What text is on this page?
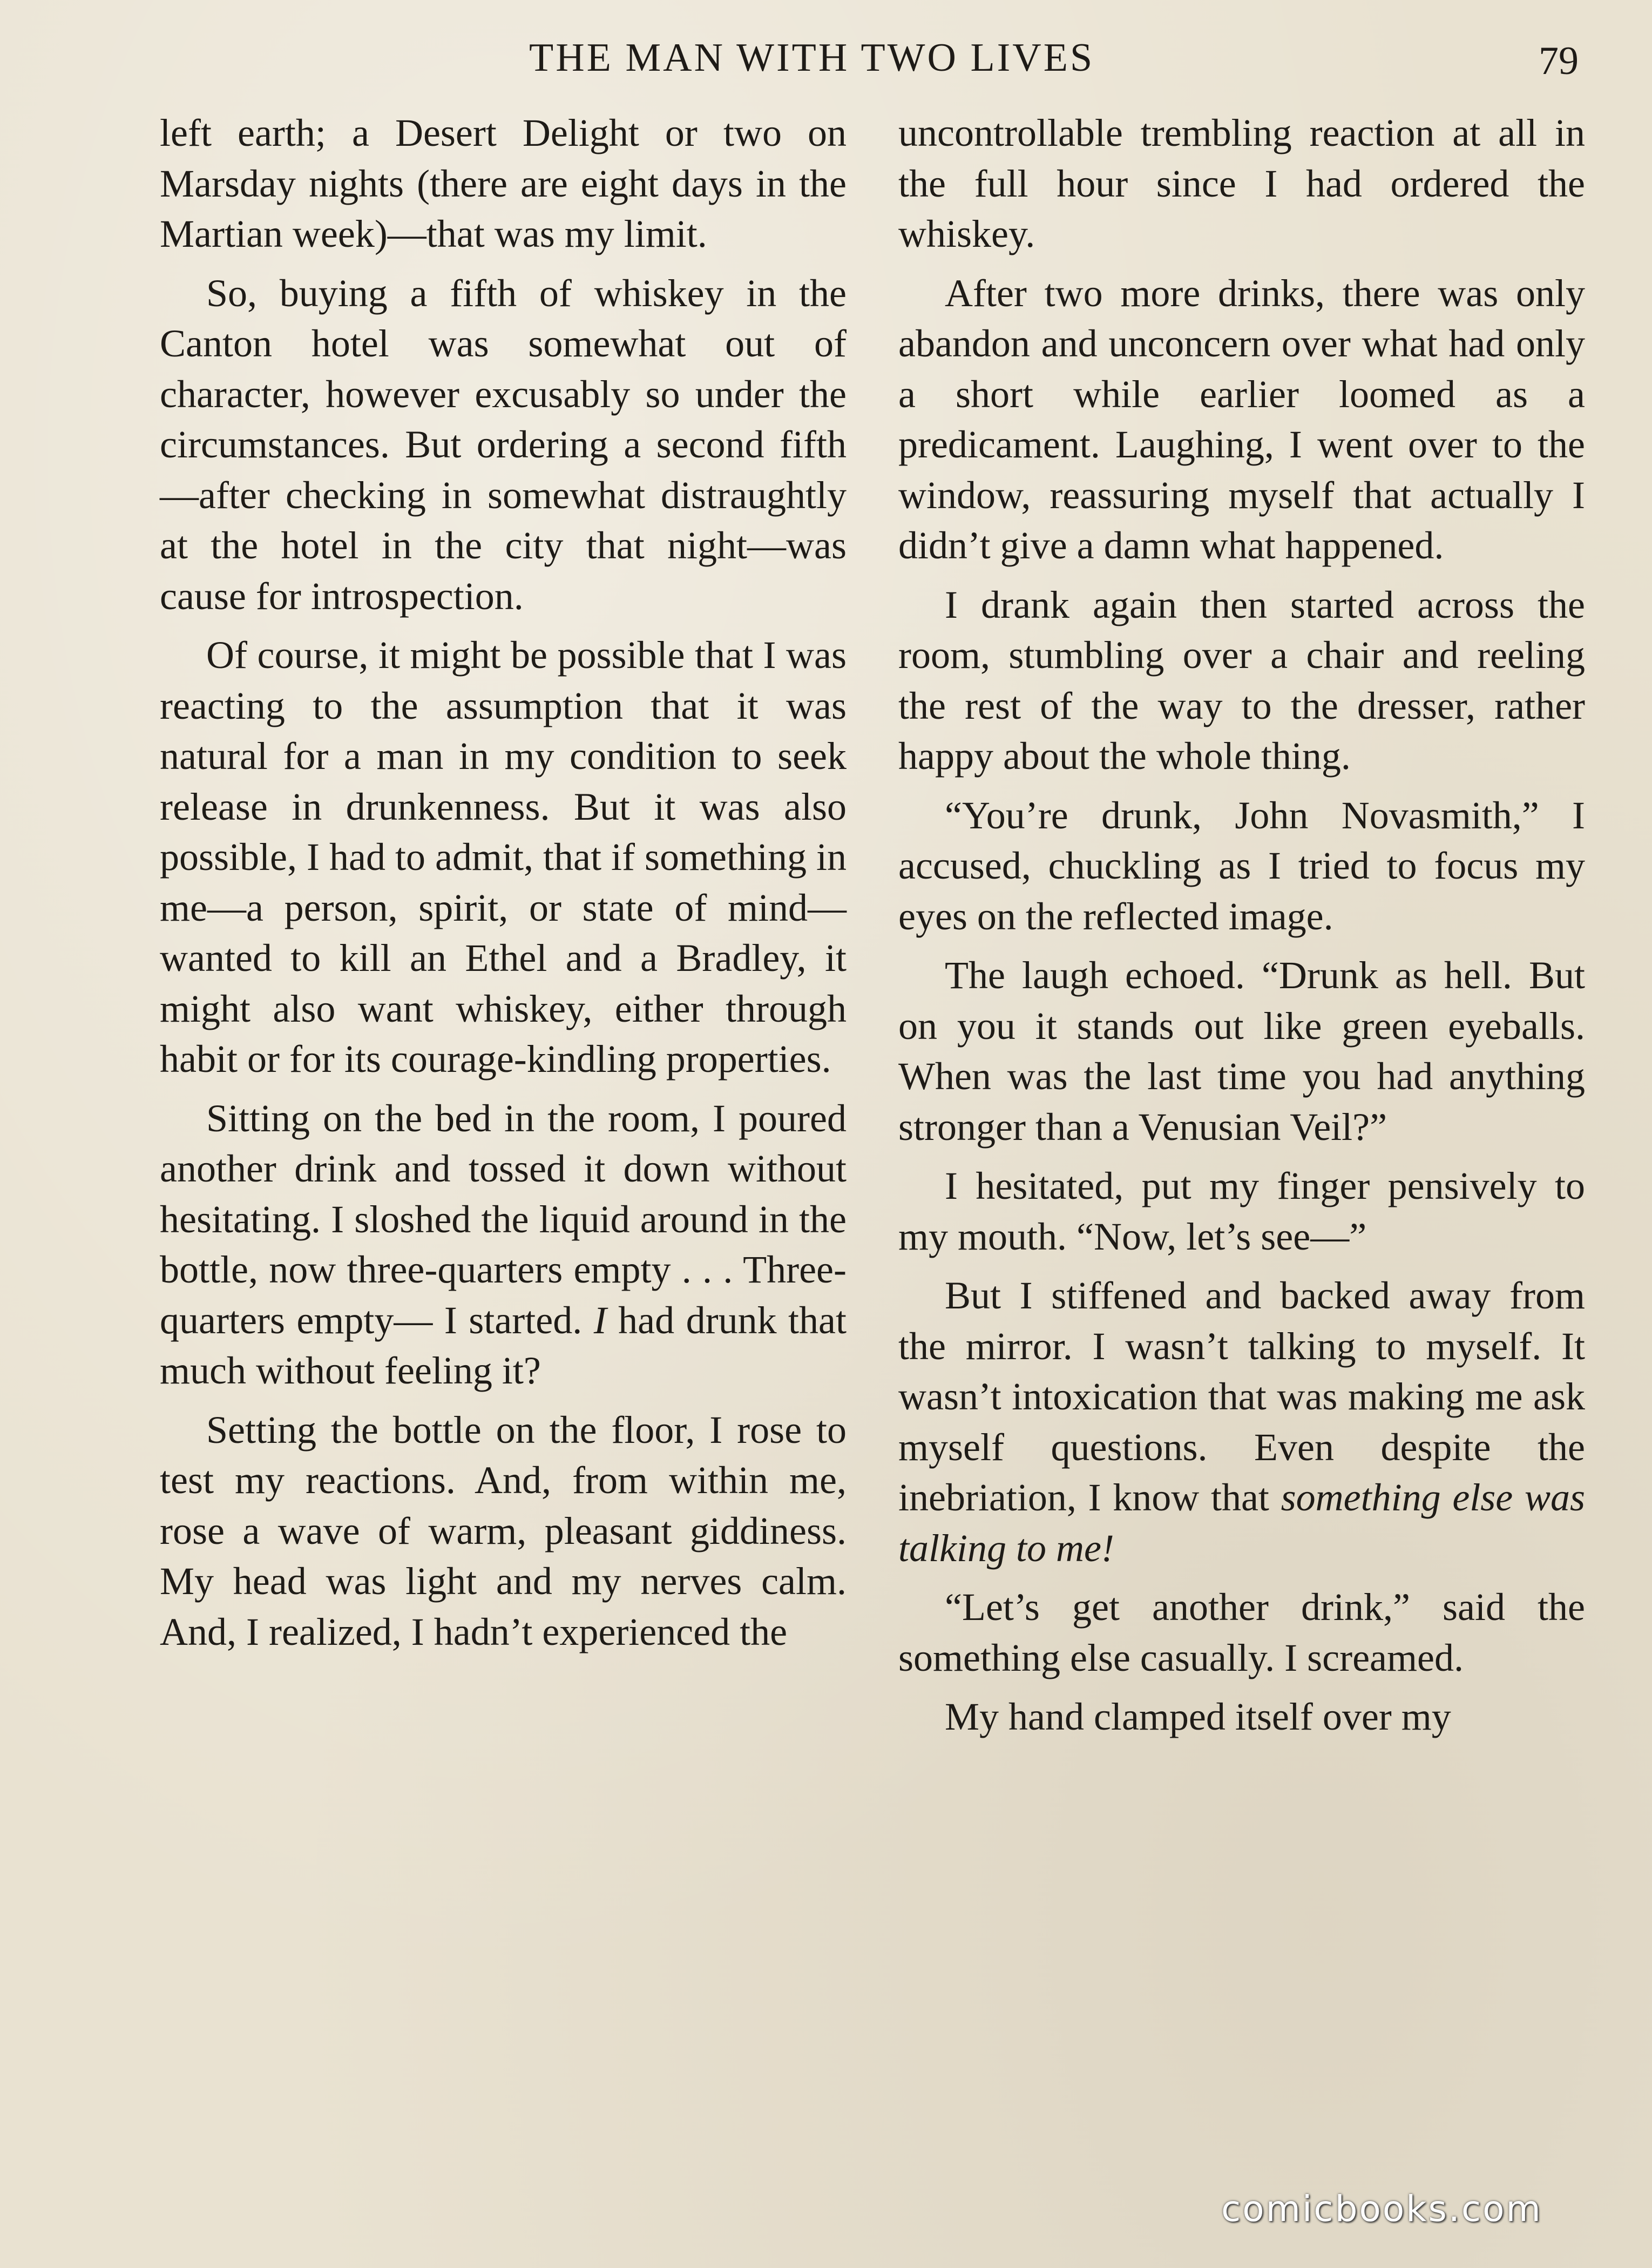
THE MAN WITH TWO LIVES	79

left earth; a Desert Delight or two on Marsday nights (there are eight days in the Martian week)—that was my limit.

So, buying a fifth of whiskey in the Canton hotel was somewhat out of character, however excusably so under the circumstances. But ordering a second fifth—after checking in somewhat distraughtly at the hotel in the city that night—was cause for introspection.

Of course, it might be possible that I was reacting to the assumption that it was natural for a man in my condition to seek release in drunkenness. But it was also possible, I had to admit, that if something in me—a person, spirit, or state of mind—wanted to kill an Ethel and a Bradley, it might also want whiskey, either through habit or for its courage-kindling properties.

Sitting on the bed in the room, I poured another drink and tossed it down without hesitating. I sloshed the liquid around in the bottle, now three-quarters empty . . . Three-quarters empty— I started. I had drunk that much without feeling it?

Setting the bottle on the floor, I rose to test my reactions. And, from within me, rose a wave of warm, pleasant giddiness. My head was light and my nerves calm. And, I realized, I hadn’t experienced the

uncontrollable trembling reaction at all in the full hour since I had ordered the whiskey.

After two more drinks, there was only abandon and unconcern over what had only a short while earlier loomed as a predicament. Laughing, I went over to the window, reassuring myself that actually I didn’t give a damn what happened.

I drank again then started across the room, stumbling over a chair and reeling the rest of the way to the dresser, rather happy about the whole thing.

“You’re drunk, John Novasmith,” I accused, chuckling as I tried to focus my eyes on the reflected image.

The laugh echoed. “Drunk as hell. But on you it stands out like green eyeballs. When was the last time you had anything stronger than a Venusian Veil?”

I hesitated, put my finger pensively to my mouth. “Now, let’s see—”

But I stiffened and backed away from the mirror. I wasn’t talking to myself. It wasn’t intoxication that was making me ask myself questions. Even despite the inebriation, I know that something else was talking to me!

“Let’s get another drink,” said the something else casually. I screamed.

My hand clamped itself over my

comicbooks.com
